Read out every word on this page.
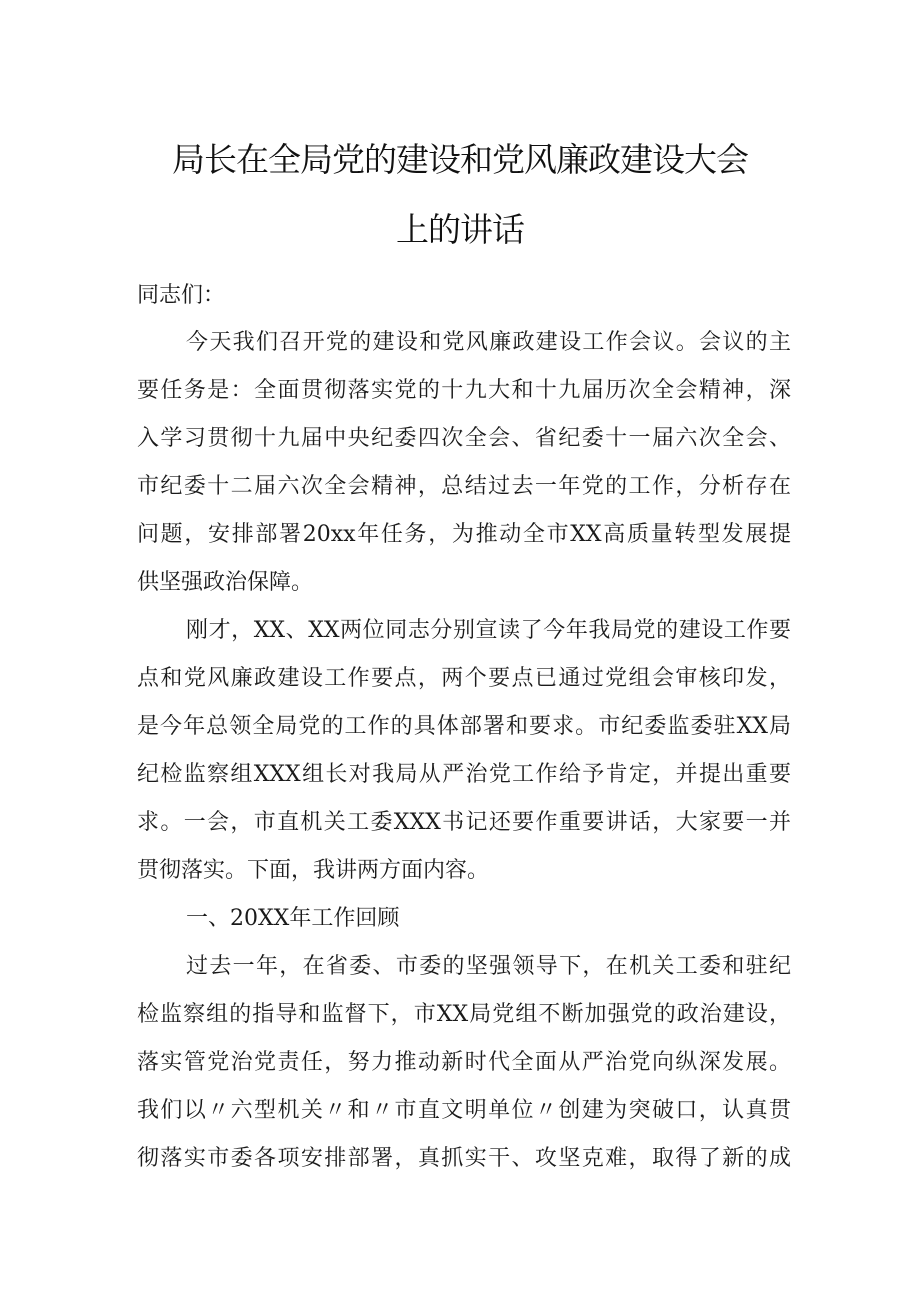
局长在全局党的建设和党风廉政建设大会
上的讲话
同志们：
今天我们召开党的建设和党风廉政建设工作会议。会议的主
要任务是：全面贯彻落实党的十九大和十九届历次全会精神，深
入学习贯彻十九届中央纪委四次全会、省纪委十一届六次全会、
市纪委十二届六次全会精神，总结过去一年党的工作，分析存在
问题，安排部署20xx年任务，为推动全市XX高质量转型发展提
供坚强政治保障。
刚才，XX、XX两位同志分别宣读了今年我局党的建设工作要
点和党风廉政建设工作要点，两个要点已通过党组会审核印发，
是今年总领全局党的工作的具体部署和要求。市纪委监委驻XX局
纪检监察组XXX组长对我局从严治党工作给予肯定，并提出重要
求。一会，市直机关工委XXX书记还要作重要讲话，大家要一并
贯彻落实。下面，我讲两方面内容。
一、20XX年工作回顾
过去一年，在省委、市委的坚强领导下，在机关工委和驻纪
检监察组的指导和监督下，市XX局党组不断加强党的政治建设，
落实管党治党责任，努力推动新时代全面从严治党向纵深发展。
我们以〃六型机关〃和〃市直文明单位〃创建为突破口，认真贯
彻落实市委各项安排部署，真抓实干、攻坚克难，取得了新的成
